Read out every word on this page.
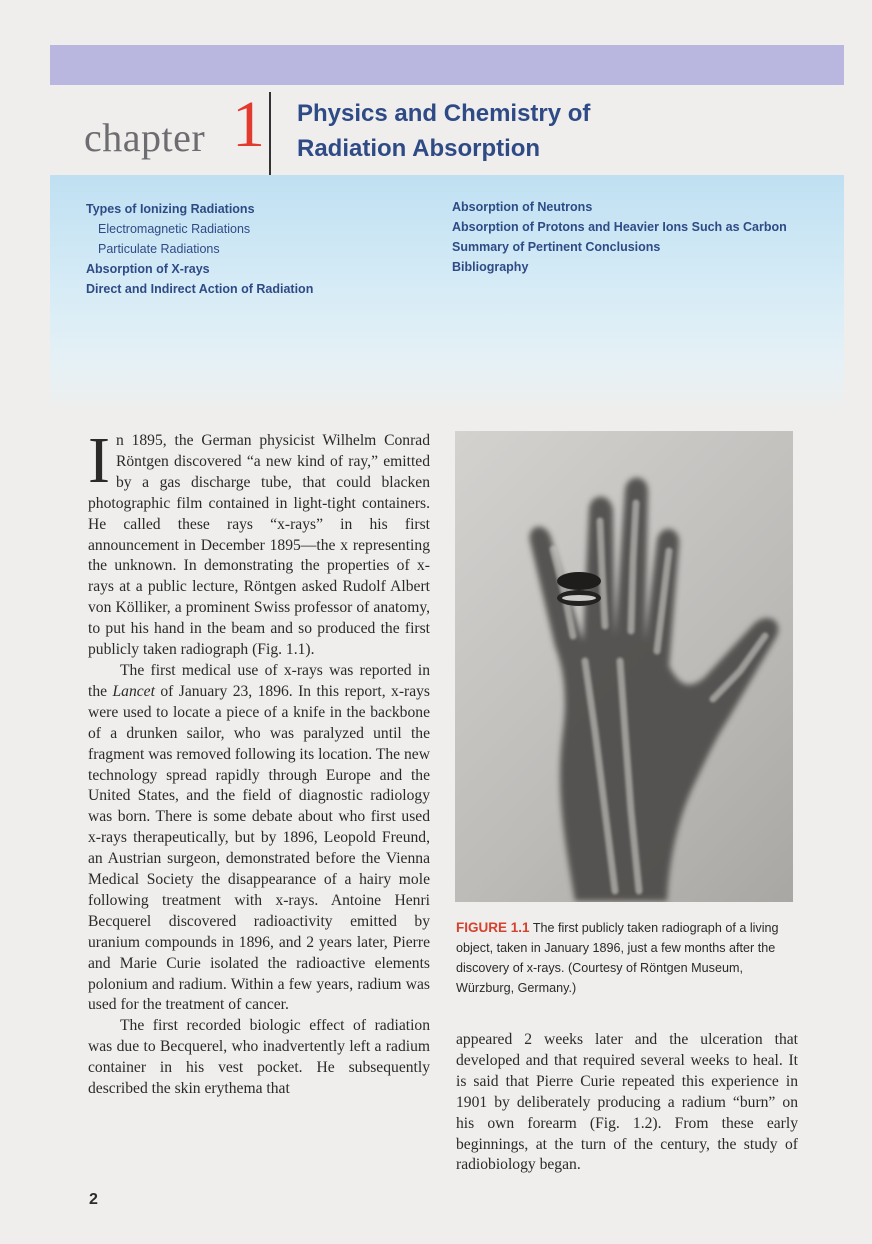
chapter 1 Physics and Chemistry of
Radiation Absorption
Types of Ionizing Radiations
Electromagnetic Radiations
Particulate Radiations
Absorption of X-rays
Direct and Indirect Action of Radiation
Absorption of Neutrons
Absorption of Protons and Heavier Ions Such as Carbon
Summary of Pertinent Conclusions
Bibliography

In 1895, the German physicist Wilhelm Conrad Röntgen discovered “a new kind of ray,” emitted by a gas discharge tube, that could blacken photographic film contained in light-tight containers. He called these rays “x-rays” in his first announcement in December 1895—the x representing the unknown. In demonstrating the properties of x-rays at a public lecture, Röntgen asked Rudolf Albert von Kölliker, a prominent Swiss professor of anatomy, to put his hand in the beam and so produced the first publicly taken radiograph (Fig. 1.1).

The first medical use of x-rays was reported in the Lancet of January 23, 1896. In this report, x-rays were used to locate a piece of a knife in the backbone of a drunken sailor, who was paralyzed until the fragment was removed following its location. The new technology spread rapidly through Europe and the United States, and the field of diagnostic radiology was born. There is some debate about who first used x-rays therapeutically, but by 1896, Leopold Freund, an Austrian surgeon, demonstrated before the Vienna Medical Society the disappearance of a hairy mole following treatment with x-rays. Antoine Henri Becquerel discovered radioactivity emitted by uranium compounds in 1896, and 2 years later, Pierre and Marie Curie isolated the radioactive elements polonium and radium. Within a few years, radium was used for the treatment of cancer.

The first recorded biologic effect of radiation was due to Becquerel, who inadvertently left a radium container in his vest pocket. He subsequently described the skin erythema that

FIGURE 1.1 The first publicly taken radiograph of a living object, taken in January 1896, just a few months after the discovery of x-rays. (Courtesy of Röntgen Museum, Würzburg, Germany.)

appeared 2 weeks later and the ulceration that developed and that required several weeks to heal. It is said that Pierre Curie repeated this experience in 1901 by deliberately producing a radium “burn” on his own forearm (Fig. 1.2). From these early beginnings, at the turn of the century, the study of radiobiology began.

2
